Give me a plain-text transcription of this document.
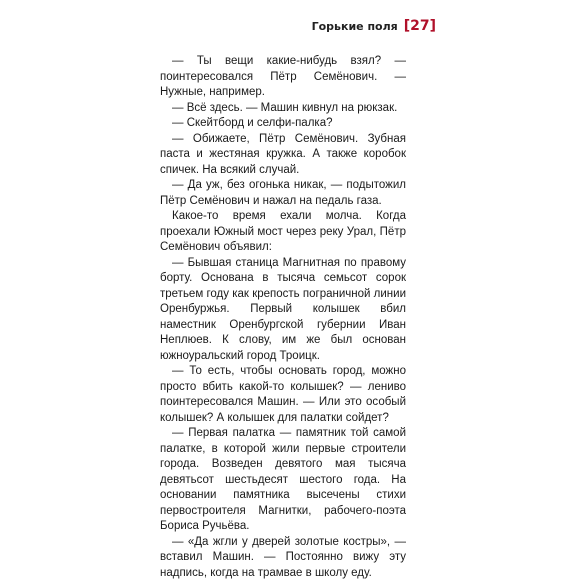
Горькие поля [27]

— Ты вещи какие-нибудь взял? — поинтересовался Пётр Семёнович. — Нужные, например.

— Всё здесь. — Машин кивнул на рюкзак.

— Скейтборд и селфи-палка?

— Обижаете, Пётр Семёнович. Зубная паста и жестяная кружка. А также коробок спичек. На всякий случай.

— Да уж, без огонька никак, — подытожил Пётр Семёнович и нажал на педаль газа.

Какое-то время ехали молча. Когда проехали Южный мост через реку Урал, Пётр Семёнович объявил:

— Бывшая станица Магнитная по правому борту. Основана в тысяча семьсот сорок третьем году как крепость пограничной линии Оренбуржья. Первый колышек вбил наместник Оренбургской губернии Иван Неплюев. К слову, им же был основан южноуральский город Троицк.

— То есть, чтобы основать город, можно просто вбить какой-то колышек? — лениво поинтересовался Машин. — Или это особый колышек? А колышек для палатки сойдет?

— Первая палатка — памятник той самой палатке, в которой жили первые строители города. Возведен девятого мая тысяча девятьсот шестьдесят шестого года. На основании памятника высечены стихи первостроителя Магнитки, рабочего-поэта Бориса Ручьёва.

— «Да жгли у дверей золотые костры», — вставил Машин. — Постоянно вижу эту надпись, когда на трамвае в школу еду.
